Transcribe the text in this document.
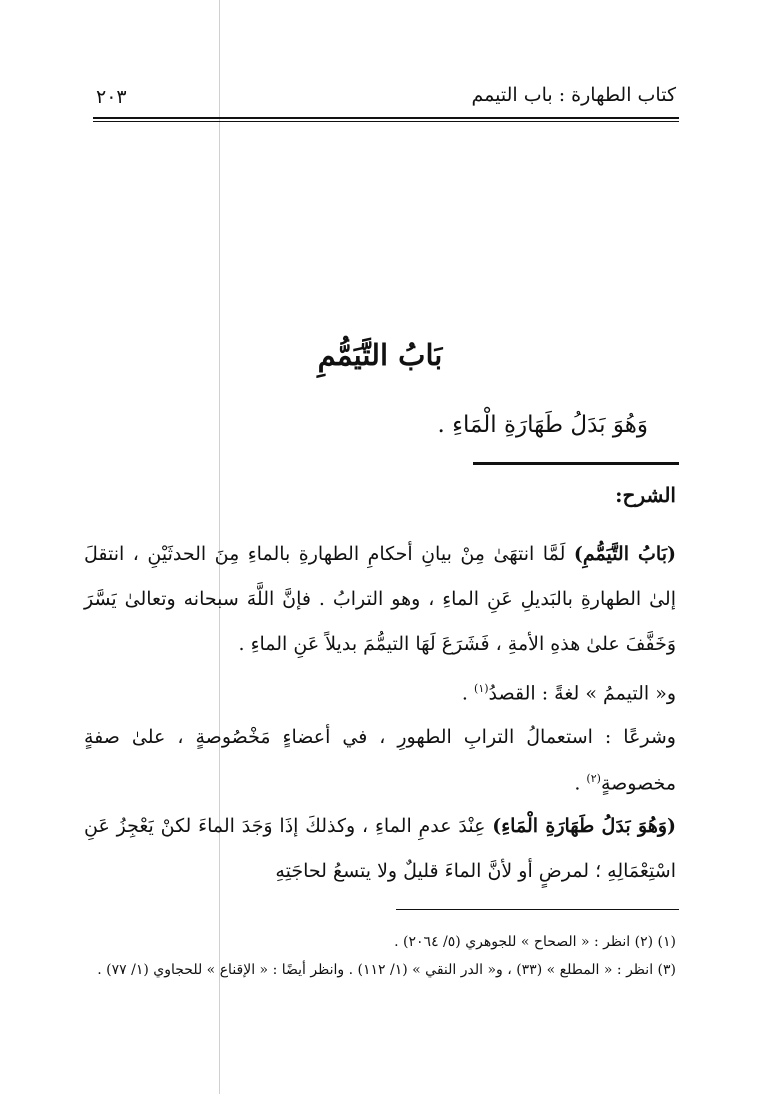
كتاب الطهارة : باب التيمم
٢٠٣
بَابُ التَّيَمُّمِ
وَهُوَ بَدَلُ طَهَارَةِ الْمَاءِ .
الشرح:
(بَابُ التَّيَمُّمِ) لَمَّا انتهَىٰ مِنْ بيانِ أحكامِ الطهارةِ بالماءِ مِنَ الحدثَيْنِ ، انتقلَ إلىٰ الطهارةِ بالبَديلِ عَنِ الماءِ ، وهو الترابُ . فإنَّ اللَّهَ سبحانه وتعالىٰ يَسَّرَ وَخَفَّفَ علىٰ هذهِ الأمةِ ، فَشَرَعَ لَهَا التيمُّمَ بديلاً عَنِ الماءِ .
و« التيممُ » لغةً : القصدُ$^{(١)}$ .
وشرعًا : استعمالُ الترابِ الطهورِ ، في أعضاءٍ مَخْصُوصةٍ ، علىٰ صفةٍ مخصوصةٍ$^{(٢)}$ .
(وَهُوَ بَدَلُ طَهَارَةِ الْمَاءِ) عِنْدَ عدمِ الماءِ ، وكذلكَ إذَا وَجَدَ الماءَ لكنْ يَعْجِزُ عَنِ اسْتِعْمَالِهِ ؛ لمرضٍ أو لأنَّ الماءَ قليلٌ ولا يتسعُ لحاجَتِهِ

(١) (٢) انظر : « الصحاح » للجوهري (٥/ ٢٠٦٤) .

(٣) انظر : « المطلع » (٣٣) ، و« الدر النقي » (١/ ١١٢) . وانظر أيضًا : « الإقناع » للحجاوي (١/ ٧٧) .
